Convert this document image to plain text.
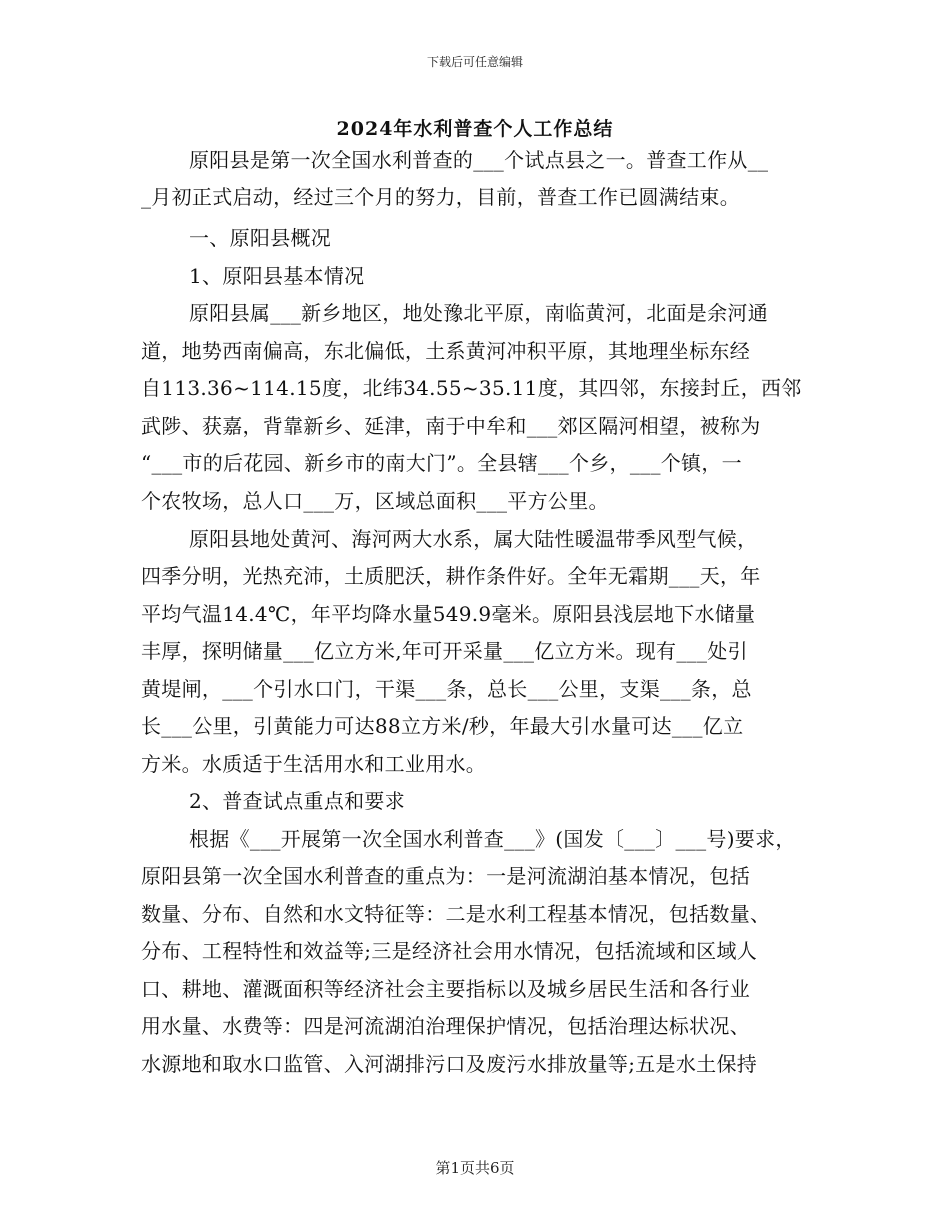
下载后可任意编辑
2024年水利普查个人工作总结
原阳县是第一次全国水利普查的___个试点县之一。普查工作从__
_月初正式启动，经过三个月的努力，目前，普查工作已圆满结束。
一、原阳县概况
1、原阳县基本情况
原阳县属___新乡地区，地处豫北平原，南临黄河，北面是余河通
道，地势西南偏高，东北偏低，土系黄河冲积平原，其地理坐标东经
自113.36~114.15度，北纬34.55~35.11度，其四邻，东接封丘，西邻
武陟、获嘉，背靠新乡、延津，南于中牟和___郊区隔河相望，被称为
“___市的后花园、新乡市的南大门”。全县辖___个乡，___个镇，一
个农牧场，总人口___万，区域总面积___平方公里。
原阳县地处黄河、海河两大水系，属大陆性暖温带季风型气候，
四季分明，光热充沛，土质肥沃，耕作条件好。全年无霜期___天，年
平均气温14.4℃，年平均降水量549.9毫米。原阳县浅层地下水储量
丰厚，探明储量___亿立方米,年可开采量___亿立方米。现有___处引
黄堤闸，___个引水口门，干渠___条，总长___公里，支渠___条，总
长___公里，引黄能力可达88立方米/秒，年最大引水量可达___亿立
方米。水质适于生活用水和工业用水。
2、普查试点重点和要求
根据《___开展第一次全国水利普查___》(国发〔___〕___号)要求，
原阳县第一次全国水利普查的重点为：一是河流湖泊基本情况，包括
数量、分布、自然和水文特征等：二是水利工程基本情况，包括数量、
分布、工程特性和效益等;三是经济社会用水情况，包括流域和区域人
口、耕地、灌溉面积等经济社会主要指标以及城乡居民生活和各行业
用水量、水费等：四是河流湖泊治理保护情况，包括治理达标状况、
水源地和取水口监管、入河湖排污口及废污水排放量等;五是水土保持
第1页共6页
